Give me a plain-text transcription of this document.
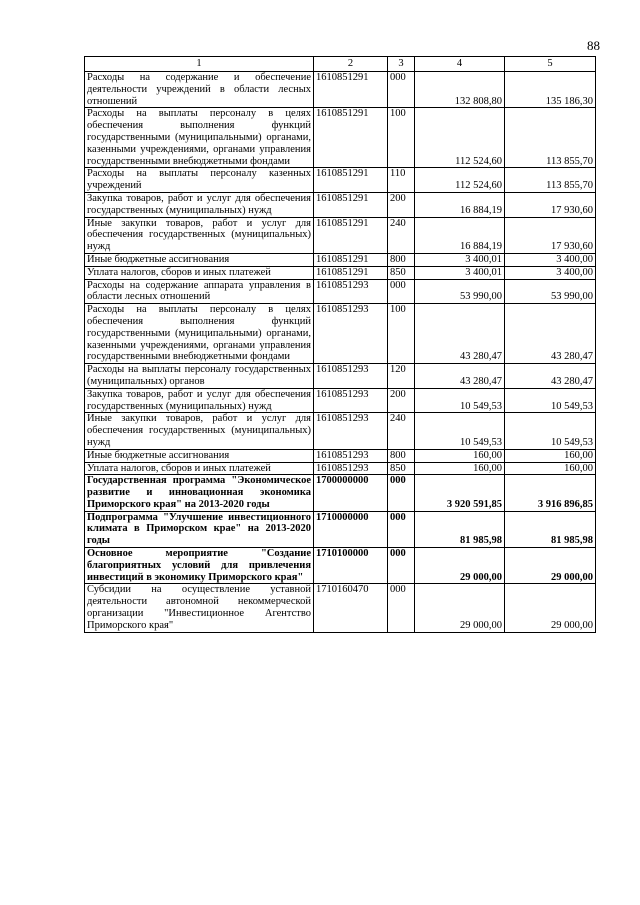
88
1	2	3	4	5
Расходы на содержание и обеспечение деятельности учреждений в области лесных отношений	1610851291	000	132 808,80	135 186,30
Расходы на выплаты персоналу в целях обеспечения выполнения функций государственными (муниципальными) органами, казенными учреждениями, органами управления государственными внебюджетными фондами	1610851291	100	112 524,60	113 855,70
Расходы на выплаты персоналу казенных учреждений	1610851291	110	112 524,60	113 855,70
Закупка товаров, работ и услуг для обеспечения государственных (муниципальных) нужд	1610851291	200	16 884,19	17 930,60
Иные закупки товаров, работ и услуг для обеспечения государственных (муниципальных) нужд	1610851291	240	16 884,19	17 930,60
Иные бюджетные ассигнования	1610851291	800	3 400,01	3 400,00
Уплата налогов, сборов и иных платежей	1610851291	850	3 400,01	3 400,00
Расходы на содержание аппарата управления в области лесных отношений	1610851293	000	53 990,00	53 990,00
Расходы на выплаты персоналу в целях обеспечения выполнения функций государственными (муниципальными) органами, казенными учреждениями, органами управления государственными внебюджетными фондами	1610851293	100	43 280,47	43 280,47
Расходы на выплаты персоналу государственных (муниципальных) органов	1610851293	120	43 280,47	43 280,47
Закупка товаров, работ и услуг для обеспечения государственных (муниципальных) нужд	1610851293	200	10 549,53	10 549,53
Иные закупки товаров, работ и услуг для обеспечения государственных (муниципальных) нужд	1610851293	240	10 549,53	10 549,53
Иные бюджетные ассигнования	1610851293	800	160,00	160,00
Уплата налогов, сборов и иных платежей	1610851293	850	160,00	160,00
Государственная программа "Экономическое развитие и инновационная экономика Приморского края" на 2013-2020 годы	1700000000	000	3 920 591,85	3 916 896,85
Подпрограмма "Улучшение инвестиционного климата в Приморском крае" на 2013-2020 годы	1710000000	000	81 985,98	81 985,98
Основное мероприятие "Создание благоприятных условий для привлечения инвестиций в экономику Приморского края"	1710100000	000	29 000,00	29 000,00
Субсидии на осуществление уставной деятельности автономной некоммерческой организации "Инвестиционное Агентство Приморского края"	1710160470	000	29 000,00	29 000,00
